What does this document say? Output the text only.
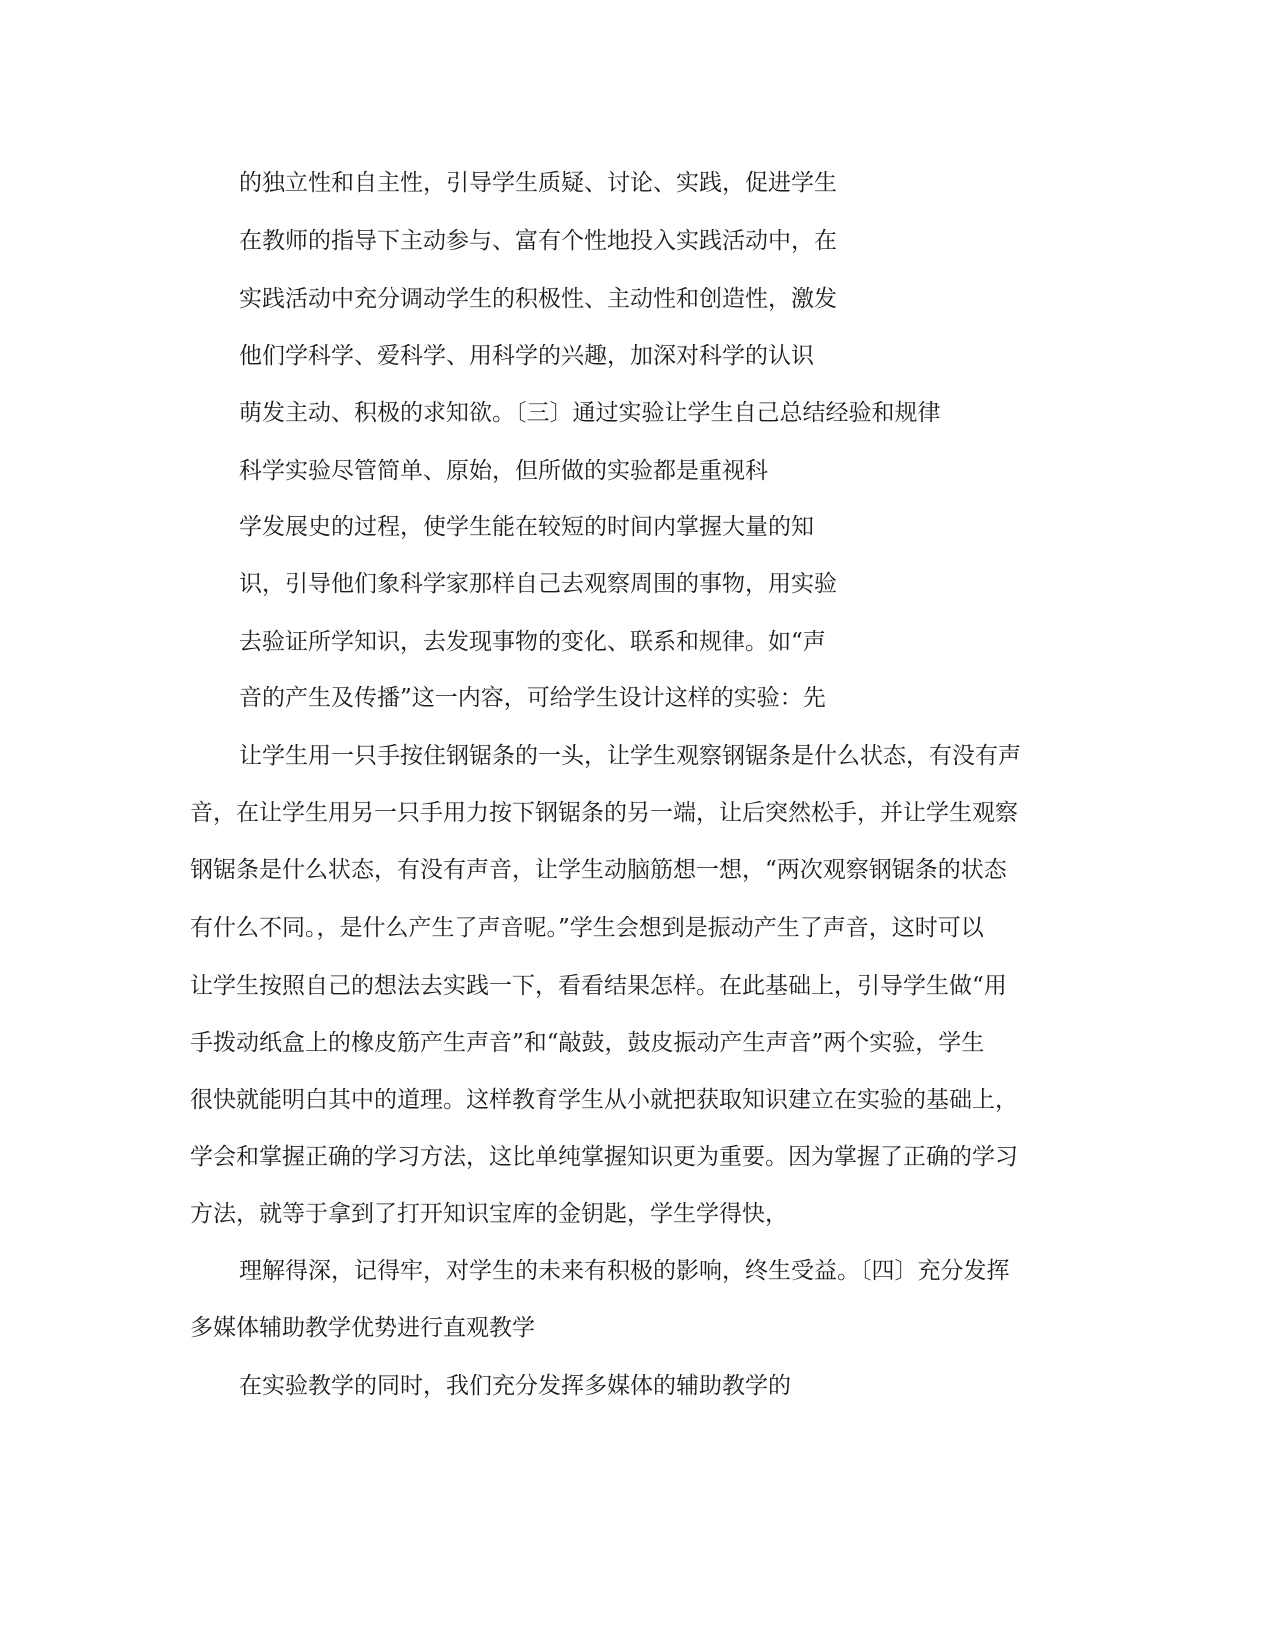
的独立性和自主性，引导学生质疑、讨论、实践，促进学生
在教师的指导下主动参与、富有个性地投入实践活动中，在
实践活动中充分调动学生的积极性、主动性和创造性，激发
他们学科学、爱科学、用科学的兴趣，加深对科学的认识
萌发主动、积极的求知欲。〔三〕通过实验让学生自己总结经验和规律
科学实验尽管简单、原始，但所做的实验都是重视科
学发展史的过程，使学生能在较短的时间内掌握大量的知
识，引导他们象科学家那样自己去观察周围的事物，用实验
去验证所学知识，去发现事物的变化、联系和规律。如“声
音的产生及传播”这一内容，可给学生设计这样的实验：先
让学生用一只手按住钢锯条的一头，让学生观察钢锯条是什么状态，有没有声
音，在让学生用另一只手用力按下钢锯条的另一端，让后突然松手，并让学生观察
钢锯条是什么状态，有没有声音，让学生动脑筋想一想，“两次观察钢锯条的状态
有什么不同。，是什么产生了声音呢。”学生会想到是振动产生了声音，这时可以
让学生按照自己的想法去实践一下，看看结果怎样。在此基础上，引导学生做“用
手拨动纸盒上的橡皮筋产生声音”和“敲鼓，鼓皮振动产生声音”两个实验，学生
很快就能明白其中的道理。这样教育学生从小就把获取知识建立在实验的基础上，
学会和掌握正确的学习方法，这比单纯掌握知识更为重要。因为掌握了正确的学习
方法，就等于拿到了打开知识宝库的金钥匙，学生学得快，
理解得深，记得牢，对学生的未来有积极的影响，终生受益。〔四〕充分发挥
多媒体辅助教学优势进行直观教学
在实验教学的同时，我们充分发挥多媒体的辅助教学的
